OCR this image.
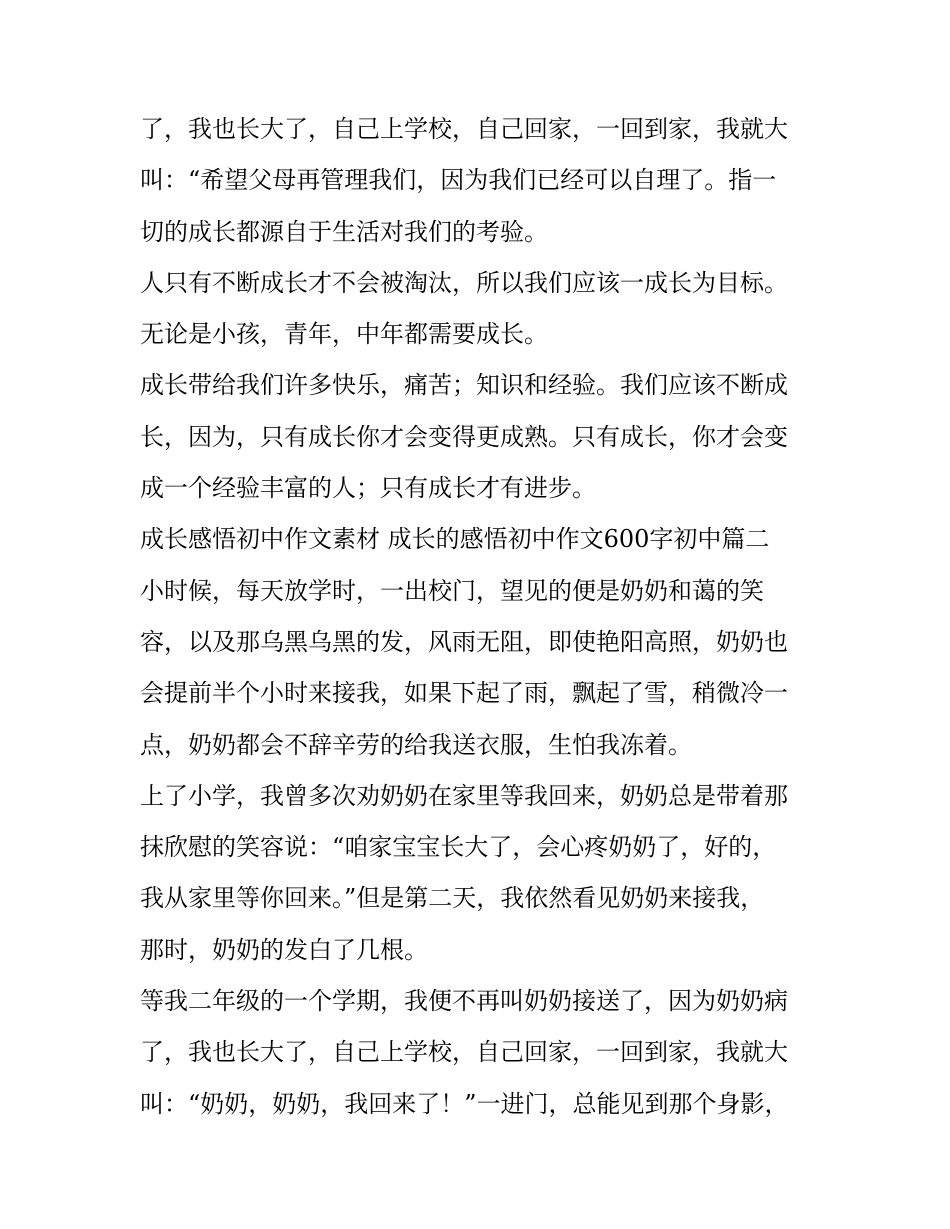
了，我也长大了，自己上学校，自己回家，一回到家，我就大
叫：“希望父母再管理我们，因为我们已经可以自理了。指一
切的成长都源自于生活对我们的考验。
人只有不断成长才不会被淘汰，所以我们应该一成长为目标。
无论是小孩，青年，中年都需要成长。
成长带给我们许多快乐，痛苦；知识和经验。我们应该不断成
长，因为，只有成长你才会变得更成熟。只有成长，你才会变
成一个经验丰富的人；只有成长才有进步。
成长感悟初中作文素材 成长的感悟初中作文600字初中篇二
小时候，每天放学时，一出校门，望见的便是奶奶和蔼的笑
容，以及那乌黑乌黑的发，风雨无阻，即使艳阳高照，奶奶也
会提前半个小时来接我，如果下起了雨，飘起了雪，稍微冷一
点，奶奶都会不辞辛劳的给我送衣服，生怕我冻着。
上了小学，我曾多次劝奶奶在家里等我回来，奶奶总是带着那
抹欣慰的笑容说：“咱家宝宝长大了，会心疼奶奶了，好的，
我从家里等你回来。”但是第二天，我依然看见奶奶来接我，
那时，奶奶的发白了几根。
等我二年级的一个学期，我便不再叫奶奶接送了，因为奶奶病
了，我也长大了，自己上学校，自己回家，一回到家，我就大
叫：“奶奶，奶奶，我回来了！”一进门，总能见到那个身影，
